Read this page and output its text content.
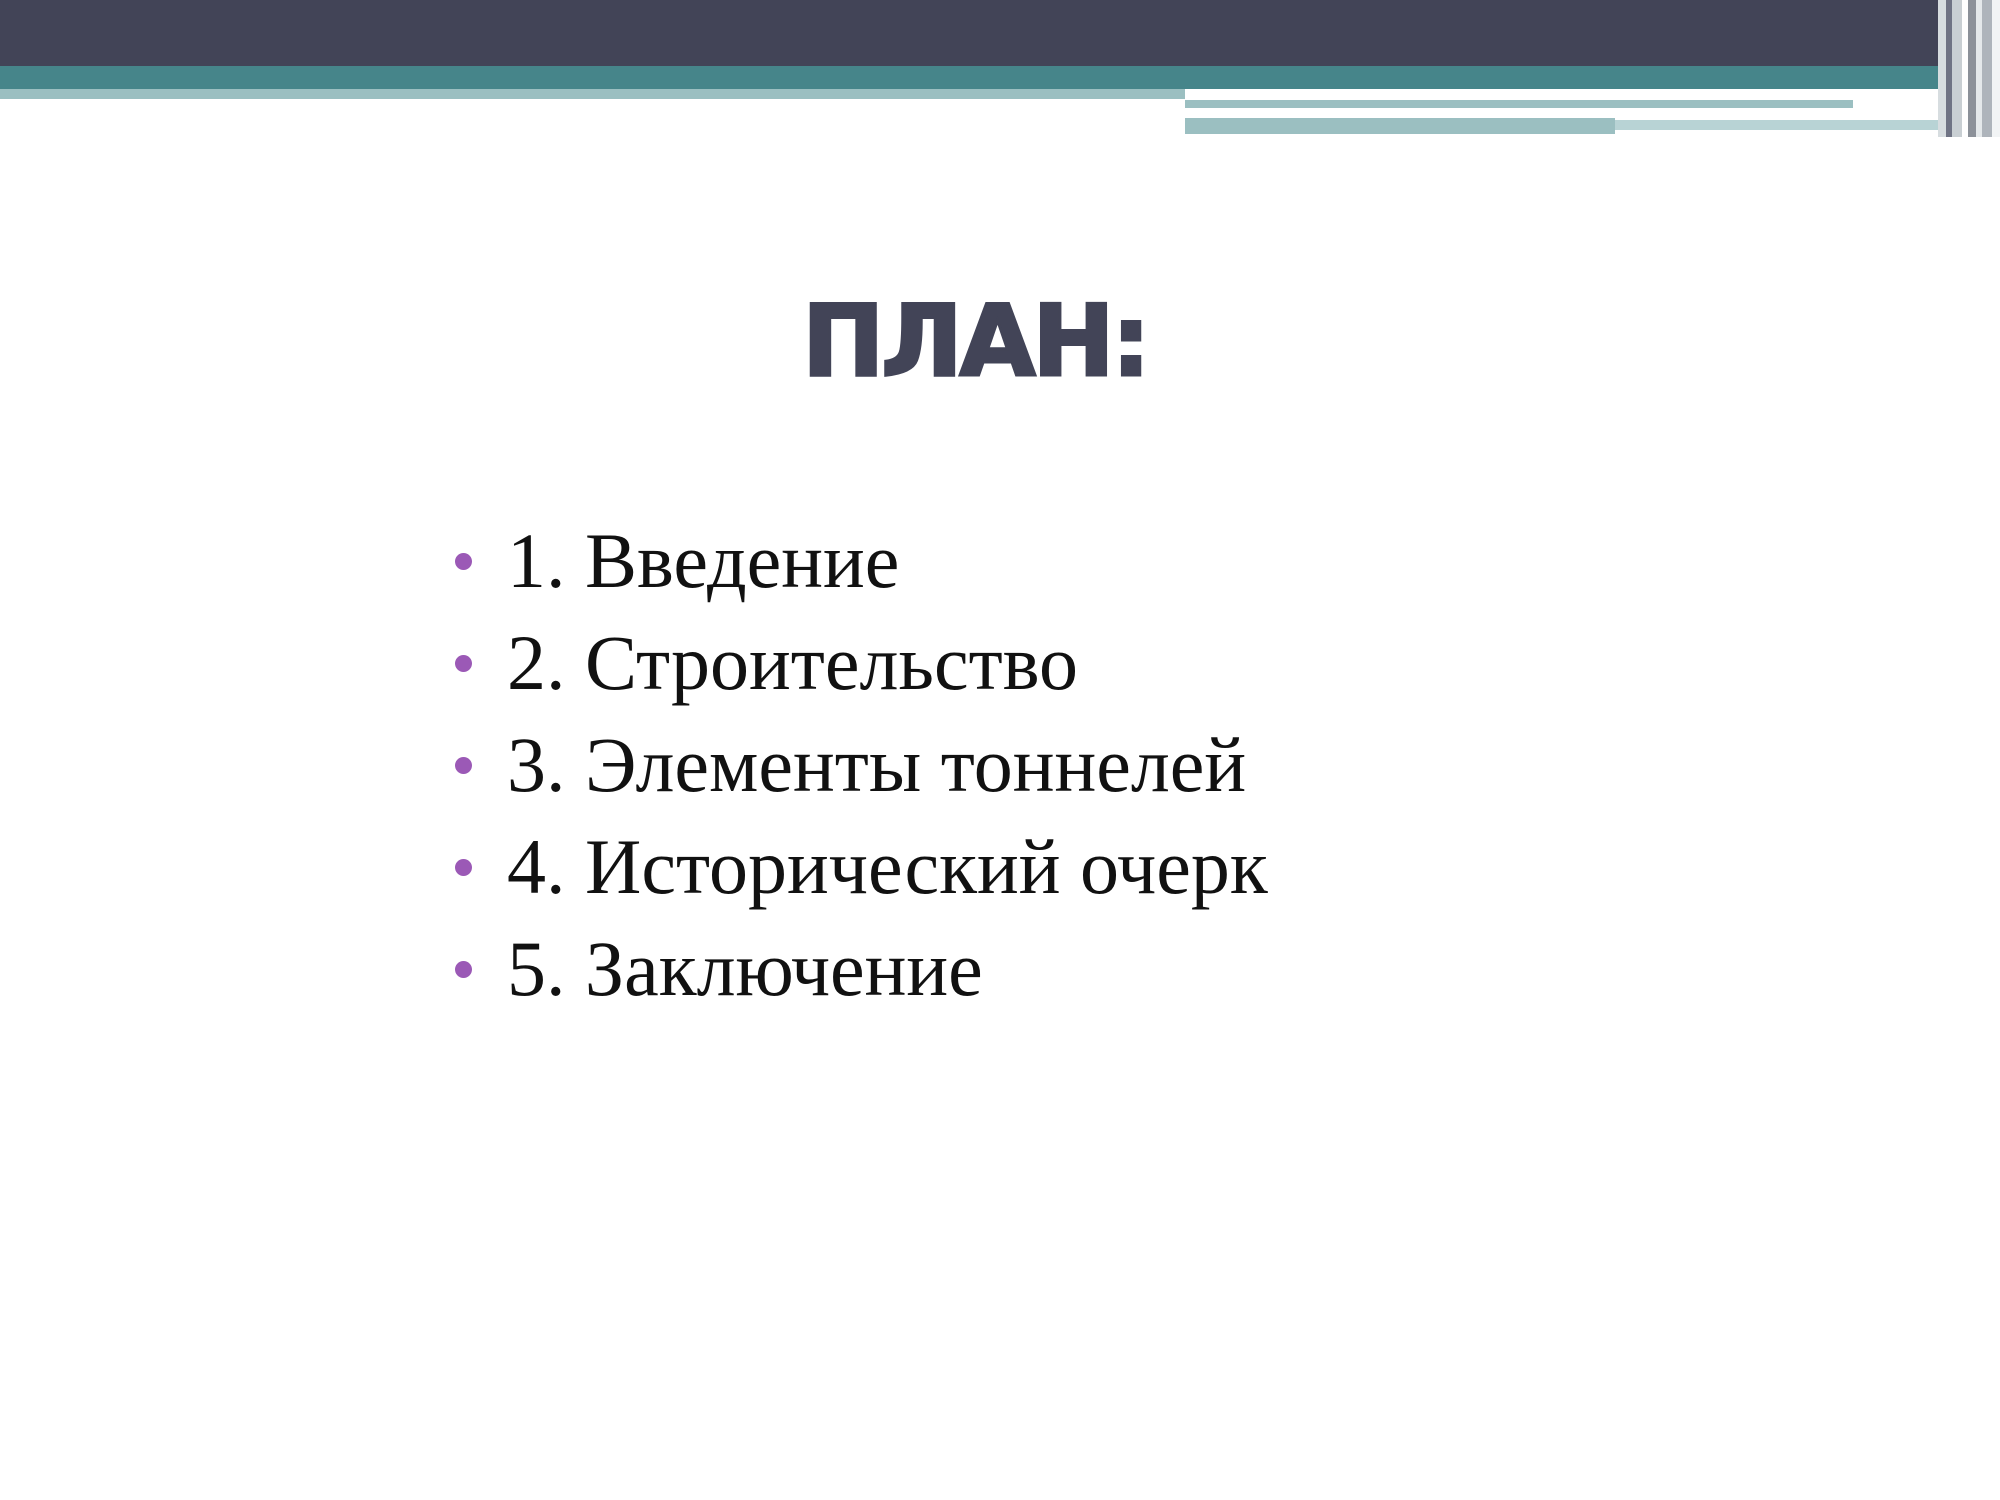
ПЛАН:
1. Введение
2. Строительство
3. Элементы тоннелей
4. Исторический очерк
5. Заключение
